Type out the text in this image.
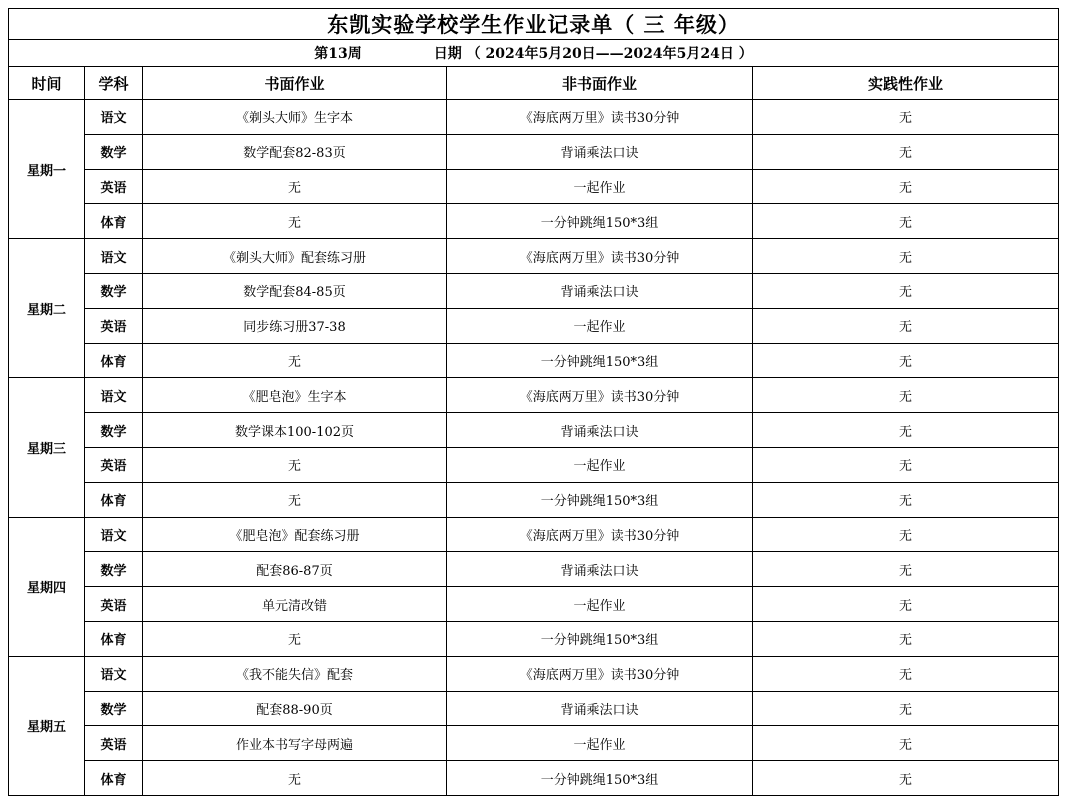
东凯实验学校学生作业记录单（ 三 年级）				
第13周 日期 （ 2024年5月20日——2024年5月24日 ）				
时间	学科	书面作业	非书面作业	实践性作业
星期一	语文	《剃头大师》生字本	《海底两万里》读书30分钟	无
	数学	数学配套82-83页	背诵乘法口诀	无
	英语	无	一起作业	无
	体育	无	一分钟跳绳150*3组	无
星期二	语文	《剃头大师》配套练习册	《海底两万里》读书30分钟	无
	数学	数学配套84-85页	背诵乘法口诀	无
	英语	同步练习册37-38	一起作业	无
	体育	无	一分钟跳绳150*3组	无
星期三	语文	《肥皂泡》生字本	《海底两万里》读书30分钟	无
	数学	数学课本100-102页	背诵乘法口诀	无
	英语	无	一起作业	无
	体育	无	一分钟跳绳150*3组	无
星期四	语文	《肥皂泡》配套练习册	《海底两万里》读书30分钟	无
	数学	配套86-87页	背诵乘法口诀	无
	英语	单元清改错	一起作业	无
	体育	无	一分钟跳绳150*3组	无
星期五	语文	《我不能失信》配套	《海底两万里》读书30分钟	无
	数学	配套88-90页	背诵乘法口诀	无
	英语	作业本书写字母两遍	一起作业	无
	体育	无	一分钟跳绳150*3组	无
